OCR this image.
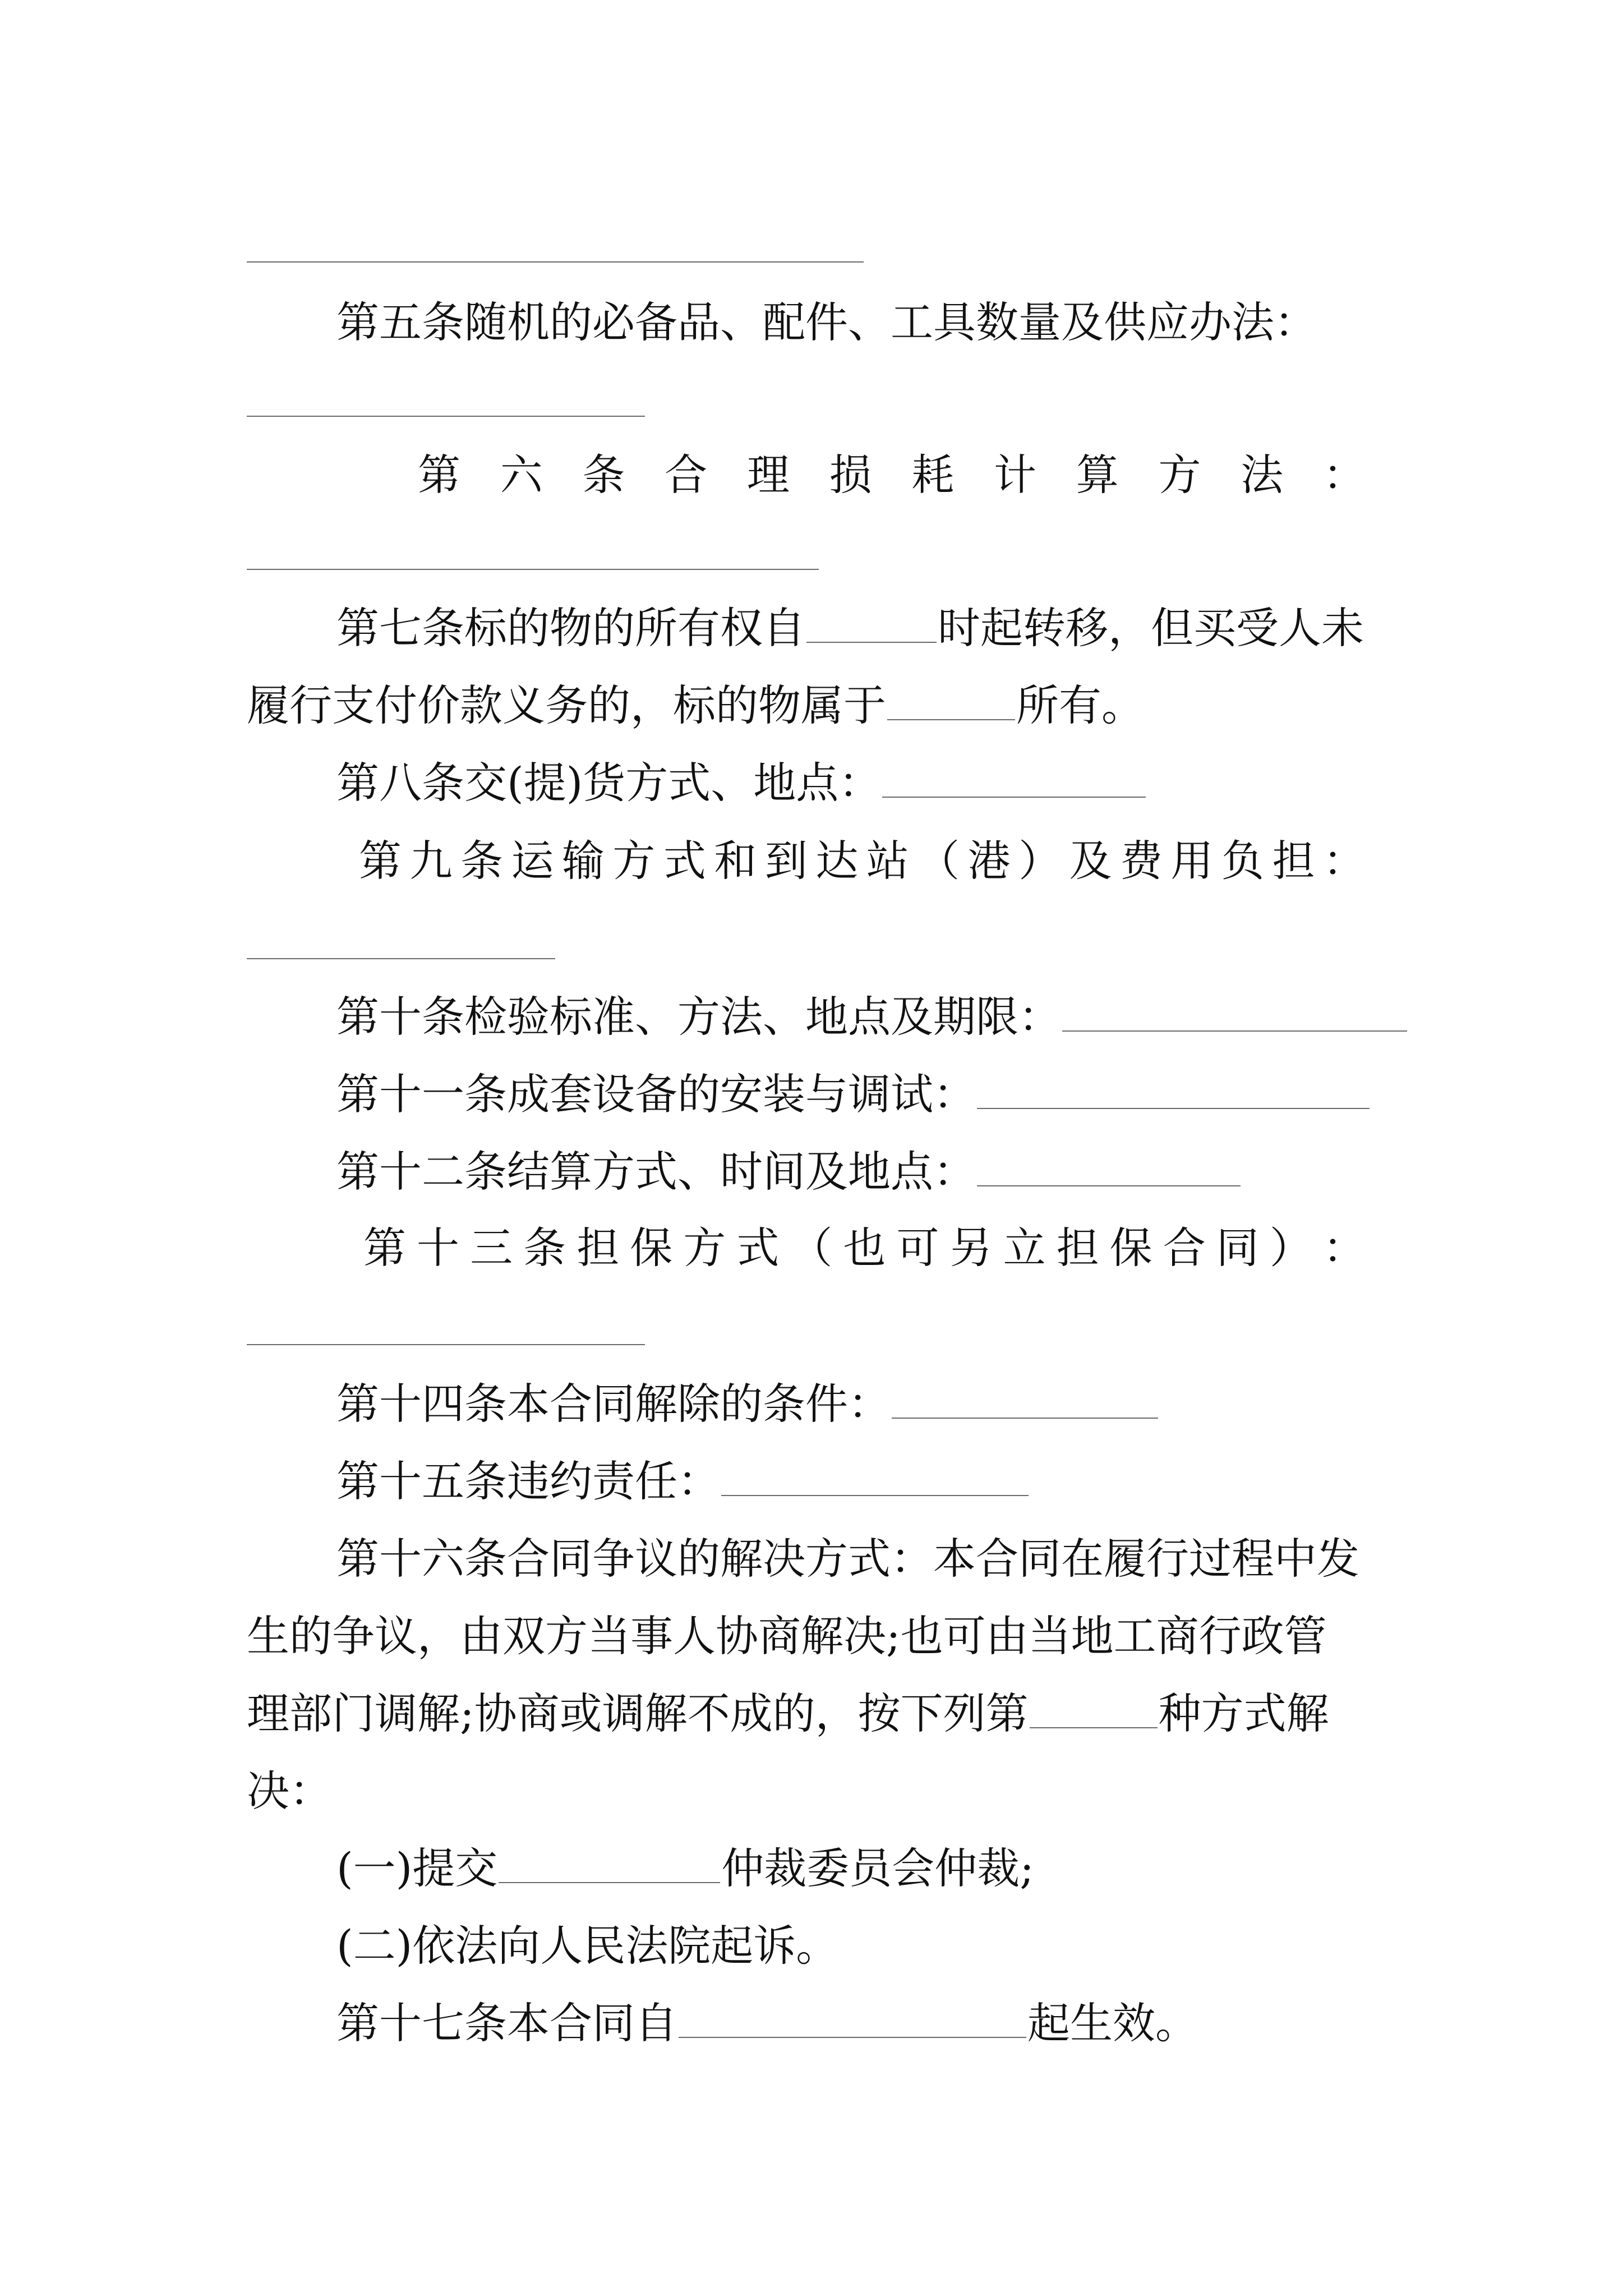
第五条随机的必备品、配件、工具数量及供应办法：
第 六 条 合 理 损 耗 计 算 方 法 ：
第七条标的物的所有权自	时起转移，但买受人未
履行支付价款义务的，标的物属于	所有。
第八条交(提)货方式、地点：
第 九 条 运 输 方 式 和 到 达 站 （ 港 ） 及 费 用 负 担 ：
第十条检验标准、方法、地点及期限：
第十一条成套设备的安装与调试：
第十二条结算方式、时间及地点：
第 十 三 条 担 保 方 式 （ 也 可 另 立 担 保 合 同 ） ：
第十四条本合同解除的条件：
第十五条违约责任：
第十六条合同争议的解决方式：本合同在履行过程中发
生的争议，由双方当事人协商解决;也可由当地工商行政管
理部门调解;协商或调解不成的，按下列第	种方式解
决：
(一)提交	仲裁委员会仲裁;
(二)依法向人民法院起诉。
第十七条本合同自	起生效。
